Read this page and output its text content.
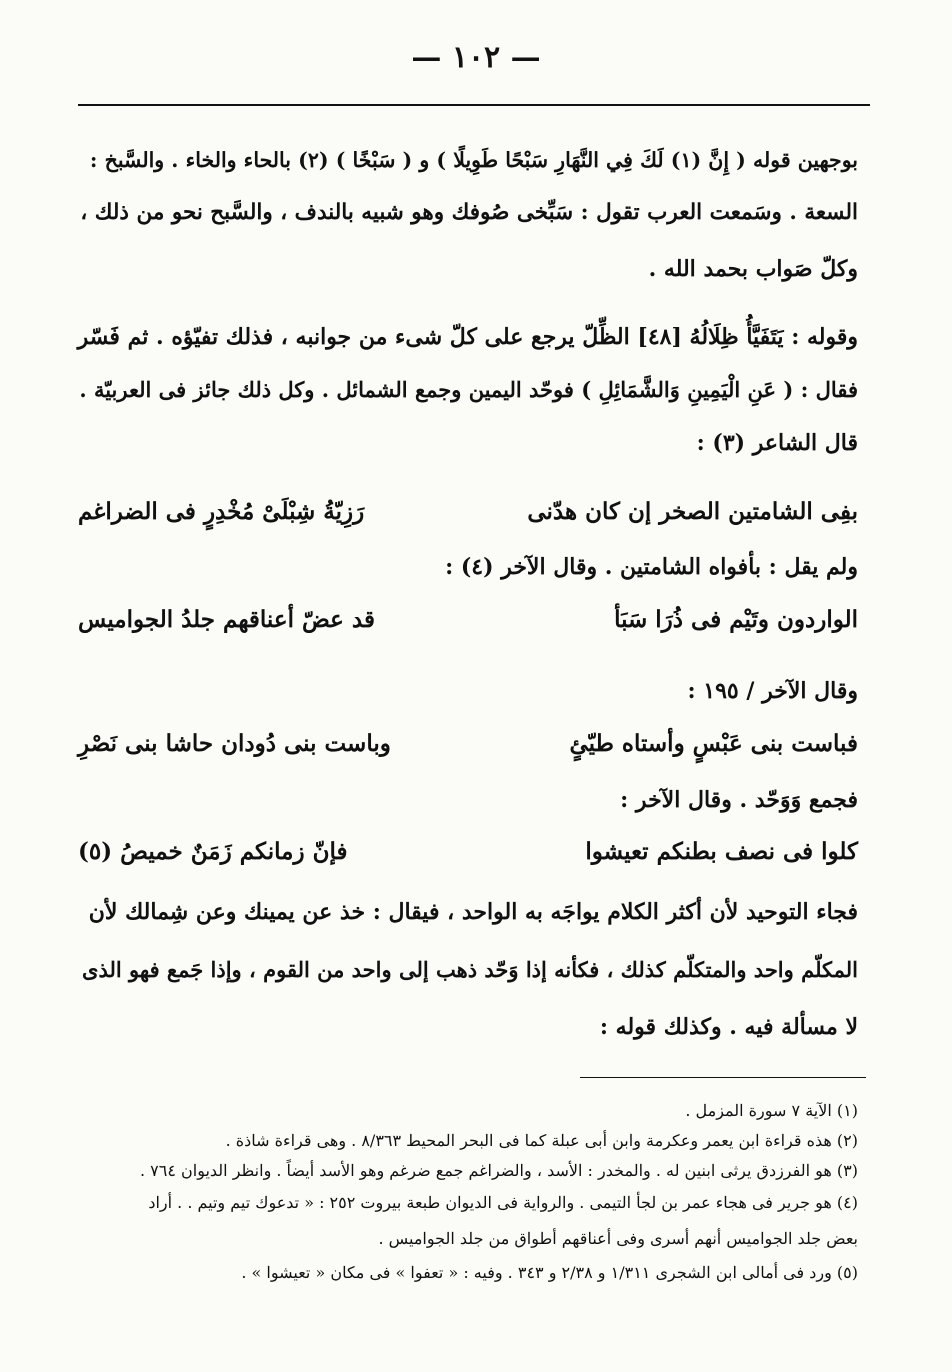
— ١٠٢ —
بوجهين قوله ( إِنَّ (١) لَكَ فِي النَّهَارِ سَبْحًا طَوِيلًا ) و ( سَبْخًا ) (٢) بالحاء والخاء . والسَّبخ :
السعة . وسَمعت العرب تقول : سَبِّخى صُوفك وهو شبيه بالندف ، والسَّبح نحو من ذلك ،
وكلّ صَواب بحمد الله .
وقوله : يَتَفَيَّأُ ظِلَالُهُ [٤٨] الظِّلّ يرجع على كلّ شىء من جوانبه ، فذلك تفيّؤه . ثم فَسّر
فقال : ( عَنِ الْيَمِينِ وَالشَّمَائِلِ ) فوحّد اليمين وجمع الشمائل . وكل ذلك جائز فى العربيّة .
قال الشاعر (٣) :
بفِى الشامتين الصخر إن كان هدّنى
رَزِيّةُ شِبْلَىْ مُخْدِرٍ فى الضراغم
ولم يقل : بأفواه الشامتين . وقال الآخر (٤) :
الواردون وتَيْم فى ذُرَا سَبَأ
قد عضّ أعناقهم جلدُ الجواميس
وقال الآخر / ١٩٥ :
فباست بنى عَبْسٍ وأستاه طيّئٍ
وباست بنى دُودان حاشا بنى نَصْرِ
فجمع وَوَحّد . وقال الآخر :
كلوا فى نصف بطنكم تعيشوا
فإنّ زمانكم زَمَنٌ خميصُ (٥)
فجاء التوحيد لأن أكثر الكلام يواجَه به الواحد ، فيقال : خذ عن يمينك وعن شِمالك لأن
المكلّم واحد والمتكلّم كذلك ، فكأنه إذا وَحّد ذهب إلى واحد من القوم ، وإذا جَمع فهو الذى
لا مسألة فيه . وكذلك قوله :
(١) الآية ٧ سورة المزمل .
(٢) هذه قراءة ابن يعمر وعكرمة وابن أبى عبلة كما فى البحر المحيط ٨/٣٦٣ . وهى قراءة شاذة .
(٣) هو الفرزدق يرثى ابنين له . والمخدر : الأسد ، والضراغم جمع ضرغم وهو الأسد أيضاً . وانظر الديوان ٧٦٤ .
(٤) هو جرير فى هجاء عمر بن لجأ التيمى . والرواية فى الديوان طبعة بيروت ٢٥٢ : « تدعوك تيم وتيم . . أراد
بعض جلد الجواميس أنهم أسرى وفى أعناقهم أطواق من جلد الجواميس .
(٥) ورد فى أمالى ابن الشجرى ١/٣١١ و ٢/٣٨ و ٣٤٣ . وفيه : « تعفوا » فى مكان « تعيشوا » .
